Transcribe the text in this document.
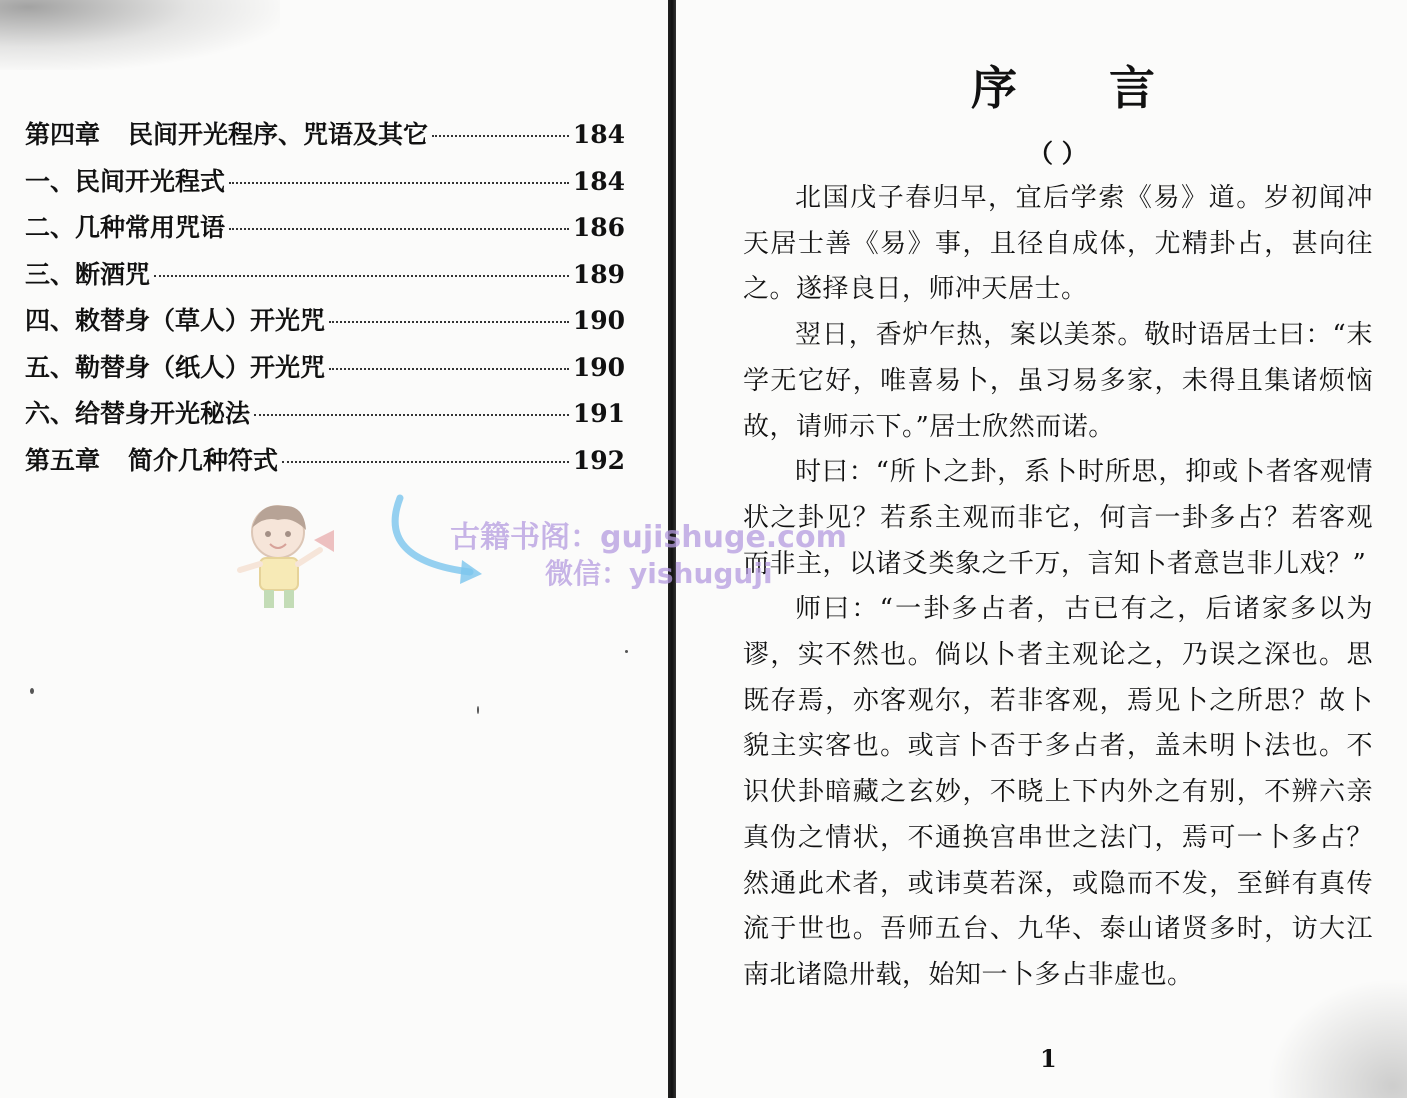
第四章 民间开光程序、咒语及其它	184
一、民间开光程式	184
二、几种常用咒语	186
三、断酒咒	189
四、敕替身（草人）开光咒	190
五、勒替身（纸人）开光咒	190
六、给替身开光秘法	191
第五章 简介几种符式	192
序 言
（ ）

北国戊子春归早，宜后学索《易》道。岁初闻冲天居士善《易》事，且径自成体，尤精卦占，甚向往之。遂择良日，师冲天居士。

翌日，香炉乍热，案以美茶。敬时语居士曰：“末学无它好，唯喜易卜，虽习易多家，未得且集诸烦恼故，请师示下。”居士欣然而诺。

时曰：“所卜之卦，系卜时所思，抑或卜者客观情状之卦见？若系主观而非它，何言一卦多占？若客观而非主，以诸爻类象之千万，言知卜者意岂非儿戏？”

师曰：“一卦多占者，古已有之，后诸家多以为谬，实不然也。倘以卜者主观论之，乃误之深也。思既存焉，亦客观尔，若非客观，焉见卜之所思？故卜貌主实客也。或言卜否于多占者，盖未明卜法也。不识伏卦暗藏之玄妙，不晓上下内外之有别，不辨六亲真伪之情状，不通换宫串世之法门，焉可一卜多占？然通此术者，或讳莫若深，或隐而不发，至鲜有真传流于世也。吾师五台、九华、泰山诸贤多时，访大江南北诸隐卅载，始知一卜多占非虚也。

1
古籍书阁：gujishuge.com
微信：yishuguji
